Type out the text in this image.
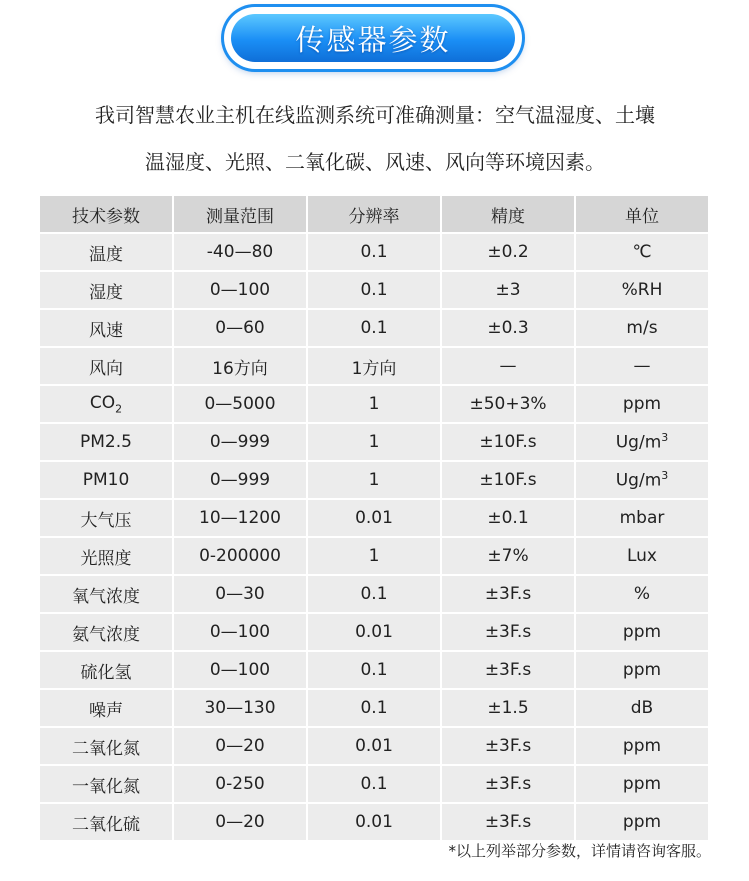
传感器参数
我司智慧农业主机在线监测系统可准确测量：空气温湿度、土壤
温湿度、光照、二氧化碳、风速、风向等环境因素。
技术参数	测量范围	分辨率	精度	单位
温度	-40—80	0.1	±0.2	℃
湿度	0—100	0.1	±3	%RH
风速	0—60	0.1	±0.3	m/s
风向	16方向	1方向	—	—
$CO_2$	0—5000	1	±50+3%	ppm
PM2.5	0—999	1	±10F.s	$Ug/m^3$
PM10	0—999	1	±10F.s	$Ug/m^3$
大气压	10—1200	0.01	±0.1	mbar
光照度	0-200000	1	±7%	Lux
氧气浓度	0—30	0.1	±3F.s	%
氨气浓度	0—100	0.01	±3F.s	ppm
硫化氢	0—100	0.1	±3F.s	ppm
噪声	30—130	0.1	±1.5	dB
二氧化氮	0—20	0.01	±3F.s	ppm
一氧化氮	0-250	0.1	±3F.s	ppm
二氧化硫	0—20	0.01	±3F.s	ppm
*以上列举部分参数，详情请咨询客服。
